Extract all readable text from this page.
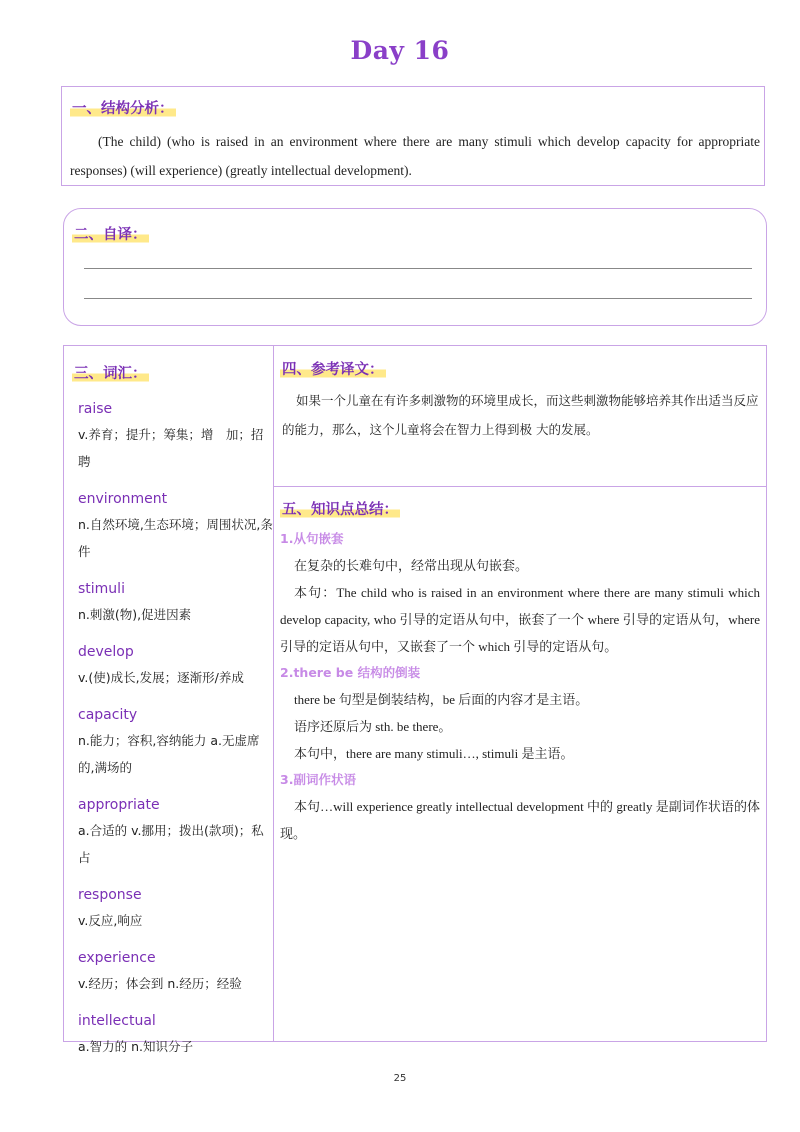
Day 16
一、结构分析：
(The child) (who is raised in an environment where there are many stimuli which develop capacity for appropriate responses) (will experience) (greatly intellectual development).
二、自译：
三、词汇：
raise
v.养育；提升；筹集；增　加；招 聘
environment
n.自然环境,生态环境；周围状况,条件
stimuli
n.刺激(物),促进因素
develop
v.(使)成长,发展；逐渐形/养成
capacity
n.能力；容积,容纳能力 a.无虚席的,满场的
appropriate
a.合适的 v.挪用；拨出(款项)；私占
response
v.反应,响应
experience
v.经历；体会到 n.经历；经验
intellectual
a.智力的 n.知识分子
四、参考译文：
如果一个儿童在有许多刺激物的环境里成长，而这些刺激物能够培养其作出适当反应的能力，那么，这个儿童将会在智力上得到极 大的发展。
五、知识点总结：
1.从句嵌套
在复杂的长难句中，经常出现从句嵌套。
本句：The child who is raised in an environment where there are many stimuli which develop capacity, who 引导的定语从句中，嵌套了一个 where 引导的定语从句，where 引导的定语从句中，又嵌套了一个 which 引导的定语从句。
2.there be 结构的倒装
there be 句型是倒装结构，be 后面的内容才是主语。
语序还原后为 sth. be there。
本句中，there are many stimuli…, stimuli 是主语。
3.副词作状语
本句…will experience greatly intellectual development 中的 greatly 是副词作状语的体现。
25
